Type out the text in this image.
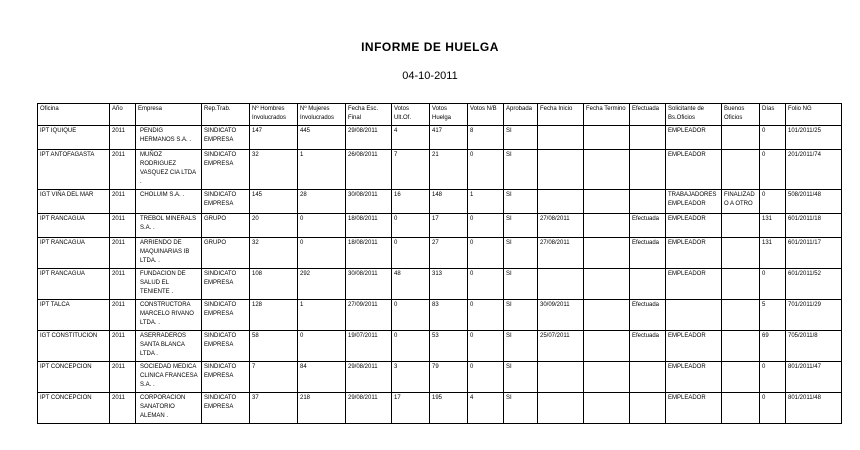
Gobierno de Chile
INFORME DE HUELGA
04-10-2011
Oficina	Año	Empresa	Rep.Trab.	Nº Hombres Involucrados	Nº Mujeres Involucrados	Fecha Esc. Final	Votos Ult.Of.	Votos Huelga	Votos N/B	Aprobada	Fecha Inicio	Fecha Termino	Efectuada	Solicitante de Bs.Oficios	Buenos Oficios	Días	Folio NG
IPT IQUIQUE	2011	PENDIG HERMANOS S.A. .	SINDICATO EMPRESA	147	445	29/08/2011	4	417	8	SI				EMPLEADOR		0	101/2011/25
IPT ANTOFAGASTA	2011	MUÑOZ RODRIGUEZ VASQUEZ CIA LTDA .	SINDICATO EMPRESA	32	1	26/08/2011	7	21	0	SI				EMPLEADOR		0	201/2011/74
IGT VIÑA DEL MAR	2011	CHOLUIM S.A. .	SINDICATO EMPRESA	145	28	30/08/2011	16	148	1	SI				TRABAJADORES EMPLEADOR	FINALIZADO A OTRO	0	508/2011/48
IPT RANCAGUA	2011	TREBOL MINERALS S.A. .	GRUPO	20	0	18/08/2011	0	17	0	SI	27/08/2011		Efectuada	EMPLEADOR		131	601/2011/18
IPT RANCAGUA	2011	ARRIENDO DE MAQUINARIAS IB LTDA. .	GRUPO	32	0	18/08/2011	0	27	0	SI	27/08/2011		Efectuada	EMPLEADOR		131	601/2011/17
IPT RANCAGUA	2011	FUNDACION DE SALUD EL TENIENTE .	SINDICATO EMPRESA	108	292	30/08/2011	48	313	0	SI				EMPLEADOR		0	601/2011/52
IPT TALCA	2011	CONSTRUCTORA MARCELO RIVANO LTDA. .	SINDICATO EMPRESA	128	1	27/09/2011	0	83	0	SI	30/09/2011		Efectuada			5	701/2011/29
IGT CONSTITUCION	2011	ASERRADEROS SANTA BLANCA LTDA .	SINDICATO EMPRESA	58	0	19/07/2011	0	53	0	SI	25/07/2011		Efectuada	EMPLEADOR		69	705/2011/8
IPT CONCEPCION	2011	SOCIEDAD MEDICA CLINICA FRANCESA S.A. .	SINDICATO EMPRESA	7	84	29/08/2011	3	79	0	SI				EMPLEADOR		0	801/2011/47
IPT CONCEPCION	2011	CORPORACION SANATORIO ALEMAN .	SINDICATO EMPRESA	37	218	29/08/2011	17	195	4	SI				EMPLEADOR		0	801/2011/48
